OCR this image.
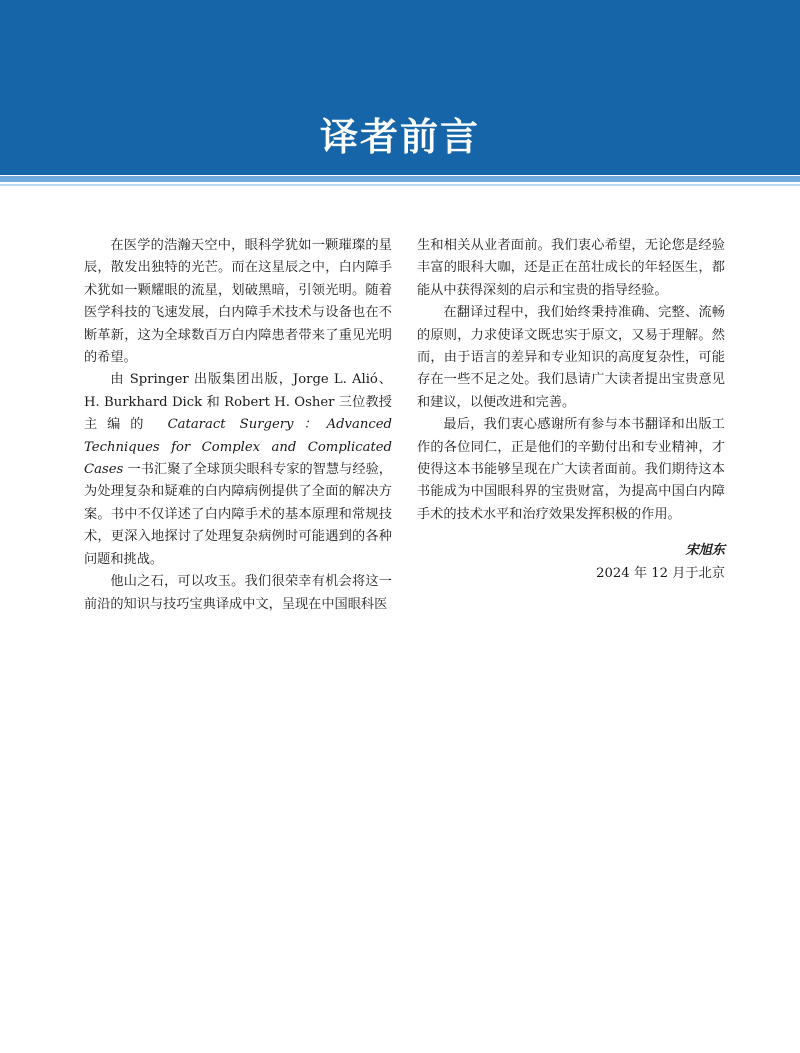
译者前言

在医学的浩瀚天空中，眼科学犹如一颗璀璨的星辰，散发出独特的光芒。而在这星辰之中，白内障手术犹如一颗耀眼的流星，划破黑暗，引领光明。随着医学科技的飞速发展，白内障手术技术与设备也在不断革新，这为全球数百万白内障患者带来了重见光明的希望。

由 Springer 出版集团出版，Jorge L. Alió、H. Burkhard Dick 和 Robert H. Osher 三位教授主编的 Cataract Surgery：Advanced Techniques for Complex and Complicated Cases 一书汇聚了全球顶尖眼科专家的智慧与经验，为处理复杂和疑难的白内障病例提供了全面的解决方案。书中不仅详述了白内障手术的基本原理和常规技术，更深入地探讨了处理复杂病例时可能遇到的各种问题和挑战。

他山之石，可以攻玉。我们很荣幸有机会将这一前沿的知识与技巧宝典译成中文，呈现在中国眼科医

生和相关从业者面前。我们衷心希望，无论您是经验丰富的眼科大咖，还是正在茁壮成长的年轻医生，都能从中获得深刻的启示和宝贵的指导经验。

在翻译过程中，我们始终秉持准确、完整、流畅的原则，力求使译文既忠实于原文，又易于理解。然而，由于语言的差异和专业知识的高度复杂性，可能存在一些不足之处。我们恳请广大读者提出宝贵意见和建议，以便改进和完善。

最后，我们衷心感谢所有参与本书翻译和出版工作的各位同仁，正是他们的辛勤付出和专业精神，才使得这本书能够呈现在广大读者面前。我们期待这本书能成为中国眼科界的宝贵财富，为提高中国白内障手术的技术水平和治疗效果发挥积极的作用。

宋旭东

2024 年 12 月于北京
